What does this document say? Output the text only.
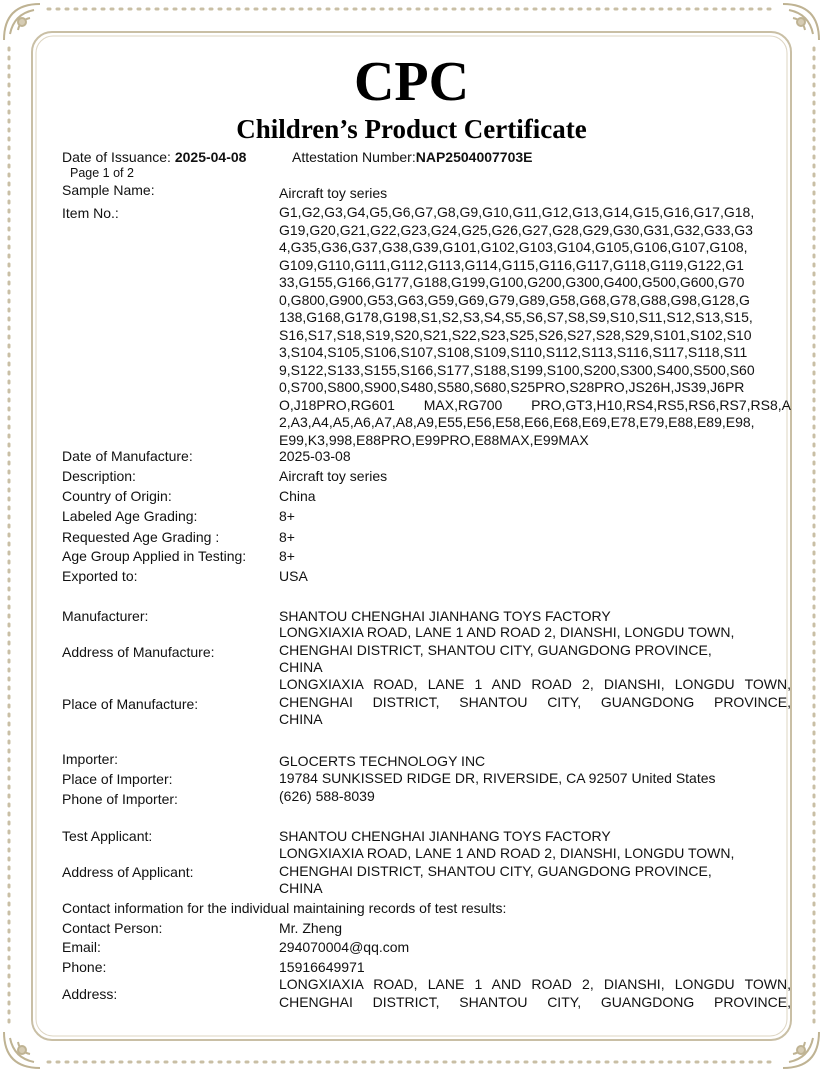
CPC
Children’s Product Certificate
Date of Issuance: 2025-04-08	Attestation Number:NAP2504007703E
Page 1 of 2
Sample Name:	Aircraft toy series
Item No.:	G1,G2,G3,G4,G5,G6,G7,G8,G9,G10,G11,G12,G13,G14,G15,G16,G17,G18,
G19,G20,G21,G22,G23,G24,G25,G26,G27,G28,G29,G30,G31,G32,G33,G3
4,G35,G36,G37,G38,G39,G101,G102,G103,G104,G105,G106,G107,G108,
G109,G110,G111,G112,G113,G114,G115,G116,G117,G118,G119,G122,G1
33,G155,G166,G177,G188,G199,G100,G200,G300,G400,G500,G600,G70
0,G800,G900,G53,G63,G59,G69,G79,G89,G58,G68,G78,G88,G98,G128,G
138,G168,G178,G198,S1,S2,S3,S4,S5,S6,S7,S8,S9,S10,S11,S12,S13,S15,
S16,S17,S18,S19,S20,S21,S22,S23,S25,S26,S27,S28,S29,S101,S102,S10
3,S104,S105,S106,S107,S108,S109,S110,S112,S113,S116,S117,S118,S11
9,S122,S133,S155,S166,S177,S188,S199,S100,S200,S300,S400,S500,S60
0,S700,S800,S900,S480,S580,S680,S25PRO,S28PRO,JS26H,JS39,J6PR
O,J18PRO,RG601 MAX,RG700 PRO,GT3,H10,RS4,RS5,RS6,RS7,RS8,A
2,A3,A4,A5,A6,A7,A8,A9,E55,E56,E58,E66,E68,E69,E78,E79,E88,E89,E98,
E99,K3,998,E88PRO,E99PRO,E88MAX,E99MAX
Date of Manufacture:	2025-03-08
Description:	Aircraft toy series
Country of Origin:	China
Labeled Age Grading:	8+
Requested Age Grading :	8+
Age Group Applied in Testing: 8+
Exported to:	USA
Manufacturer:	SHANTOU CHENGHAI JIANHANG TOYS FACTORY
Address of Manufacture:
LONGXIAXIA ROAD, LANE 1 AND ROAD 2, DIANSHI, LONGDU TOWN,
CHENGHAI DISTRICT, SHANTOU CITY, GUANGDONG PROVINCE,
CHINA
Place of Manufacture:
LONGXIAXIA ROAD, LANE 1 AND ROAD 2, DIANSHI, LONGDU TOWN,
CHENGHAI DISTRICT, SHANTOU CITY, GUANGDONG PROVINCE,
CHINA
Importer:	GLOCERTS TECHNOLOGY INC
Place of Importer:	19784 SUNKISSED RIDGE DR, RIVERSIDE, CA 92507 United States
Phone of Importer:	(626) 588-8039
Test Applicant:	SHANTOU CHENGHAI JIANHANG TOYS FACTORY
Address of Applicant:
LONGXIAXIA ROAD, LANE 1 AND ROAD 2, DIANSHI, LONGDU TOWN,
CHENGHAI DISTRICT, SHANTOU CITY, GUANGDONG PROVINCE,
CHINA
Contact information for the individual maintaining records of test results:
Contact Person:	Mr. Zheng
Email:	294070004@qq.com
Phone:	15916649971
Address:
LONGXIAXIA ROAD, LANE 1 AND ROAD 2, DIANSHI, LONGDU TOWN,
CHENGHAI DISTRICT, SHANTOU CITY, GUANGDONG PROVINCE,
